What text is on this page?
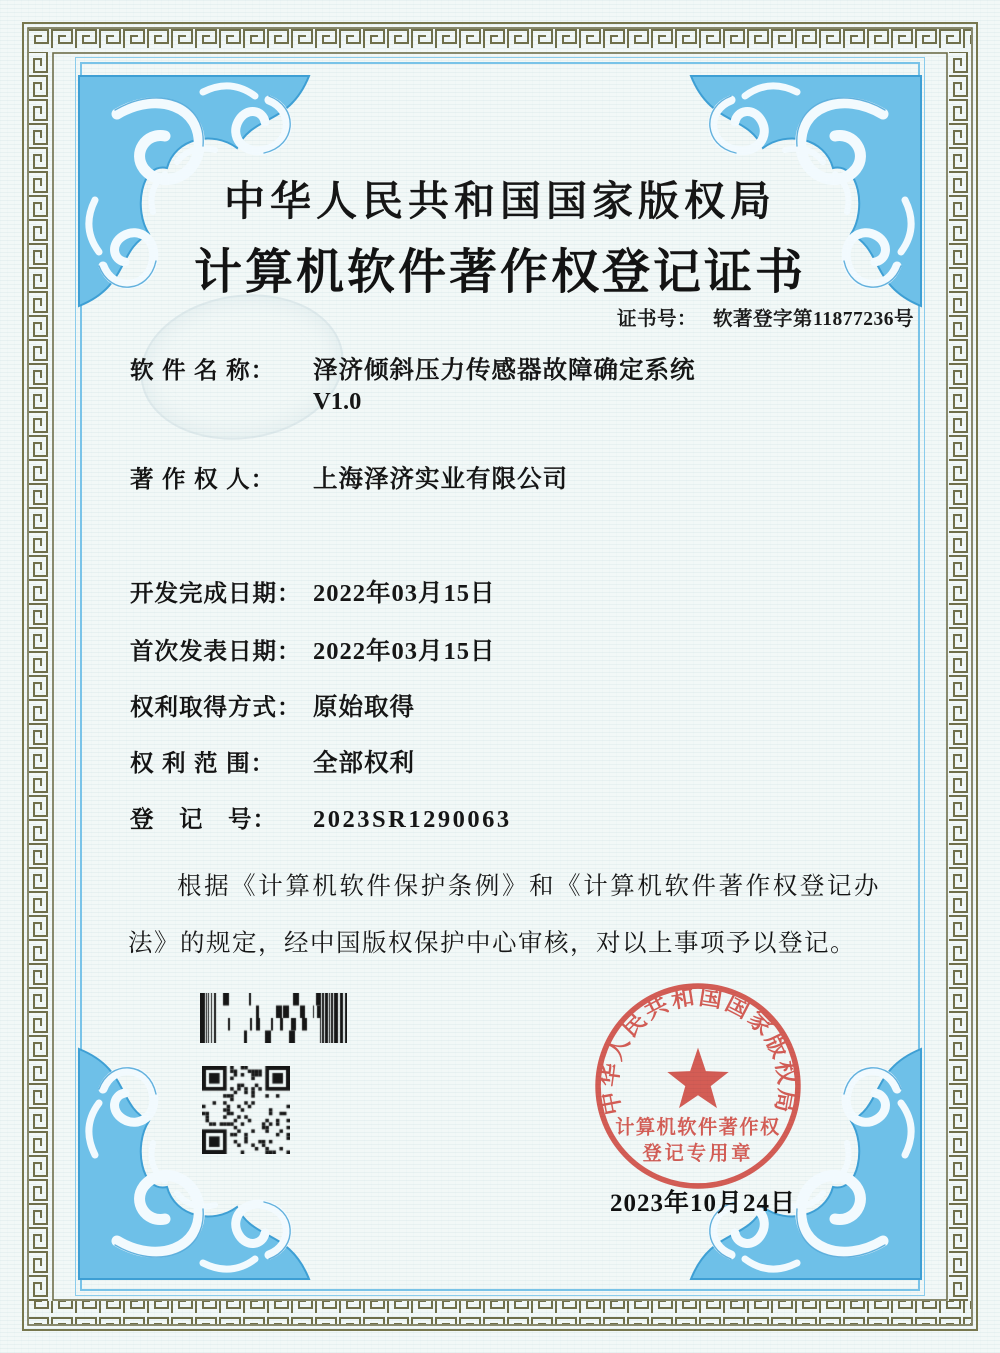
中华人民共和国国家版权局
计算机软件著作权登记证书
证书号： 软著登字第11877236号
软 件 名 称： 泽济倾斜压力传感器故障确定系统
V1.0
著 作 权 人： 上海泽济实业有限公司
开发完成日期： 2022年03月15日
首次发表日期： 2022年03月15日
权利取得方式： 原始取得
权 利 范 围： 全部权利
登　记　号： 2023SR1290063

根据《计算机软件保护条例》和《计算机软件著作权登记办法》的规定，经中国版权保护中心审核，对以上事项予以登记。

中华人民共和国国家版权局
计算机软件著作权
登记专用章
2023年10月24日
